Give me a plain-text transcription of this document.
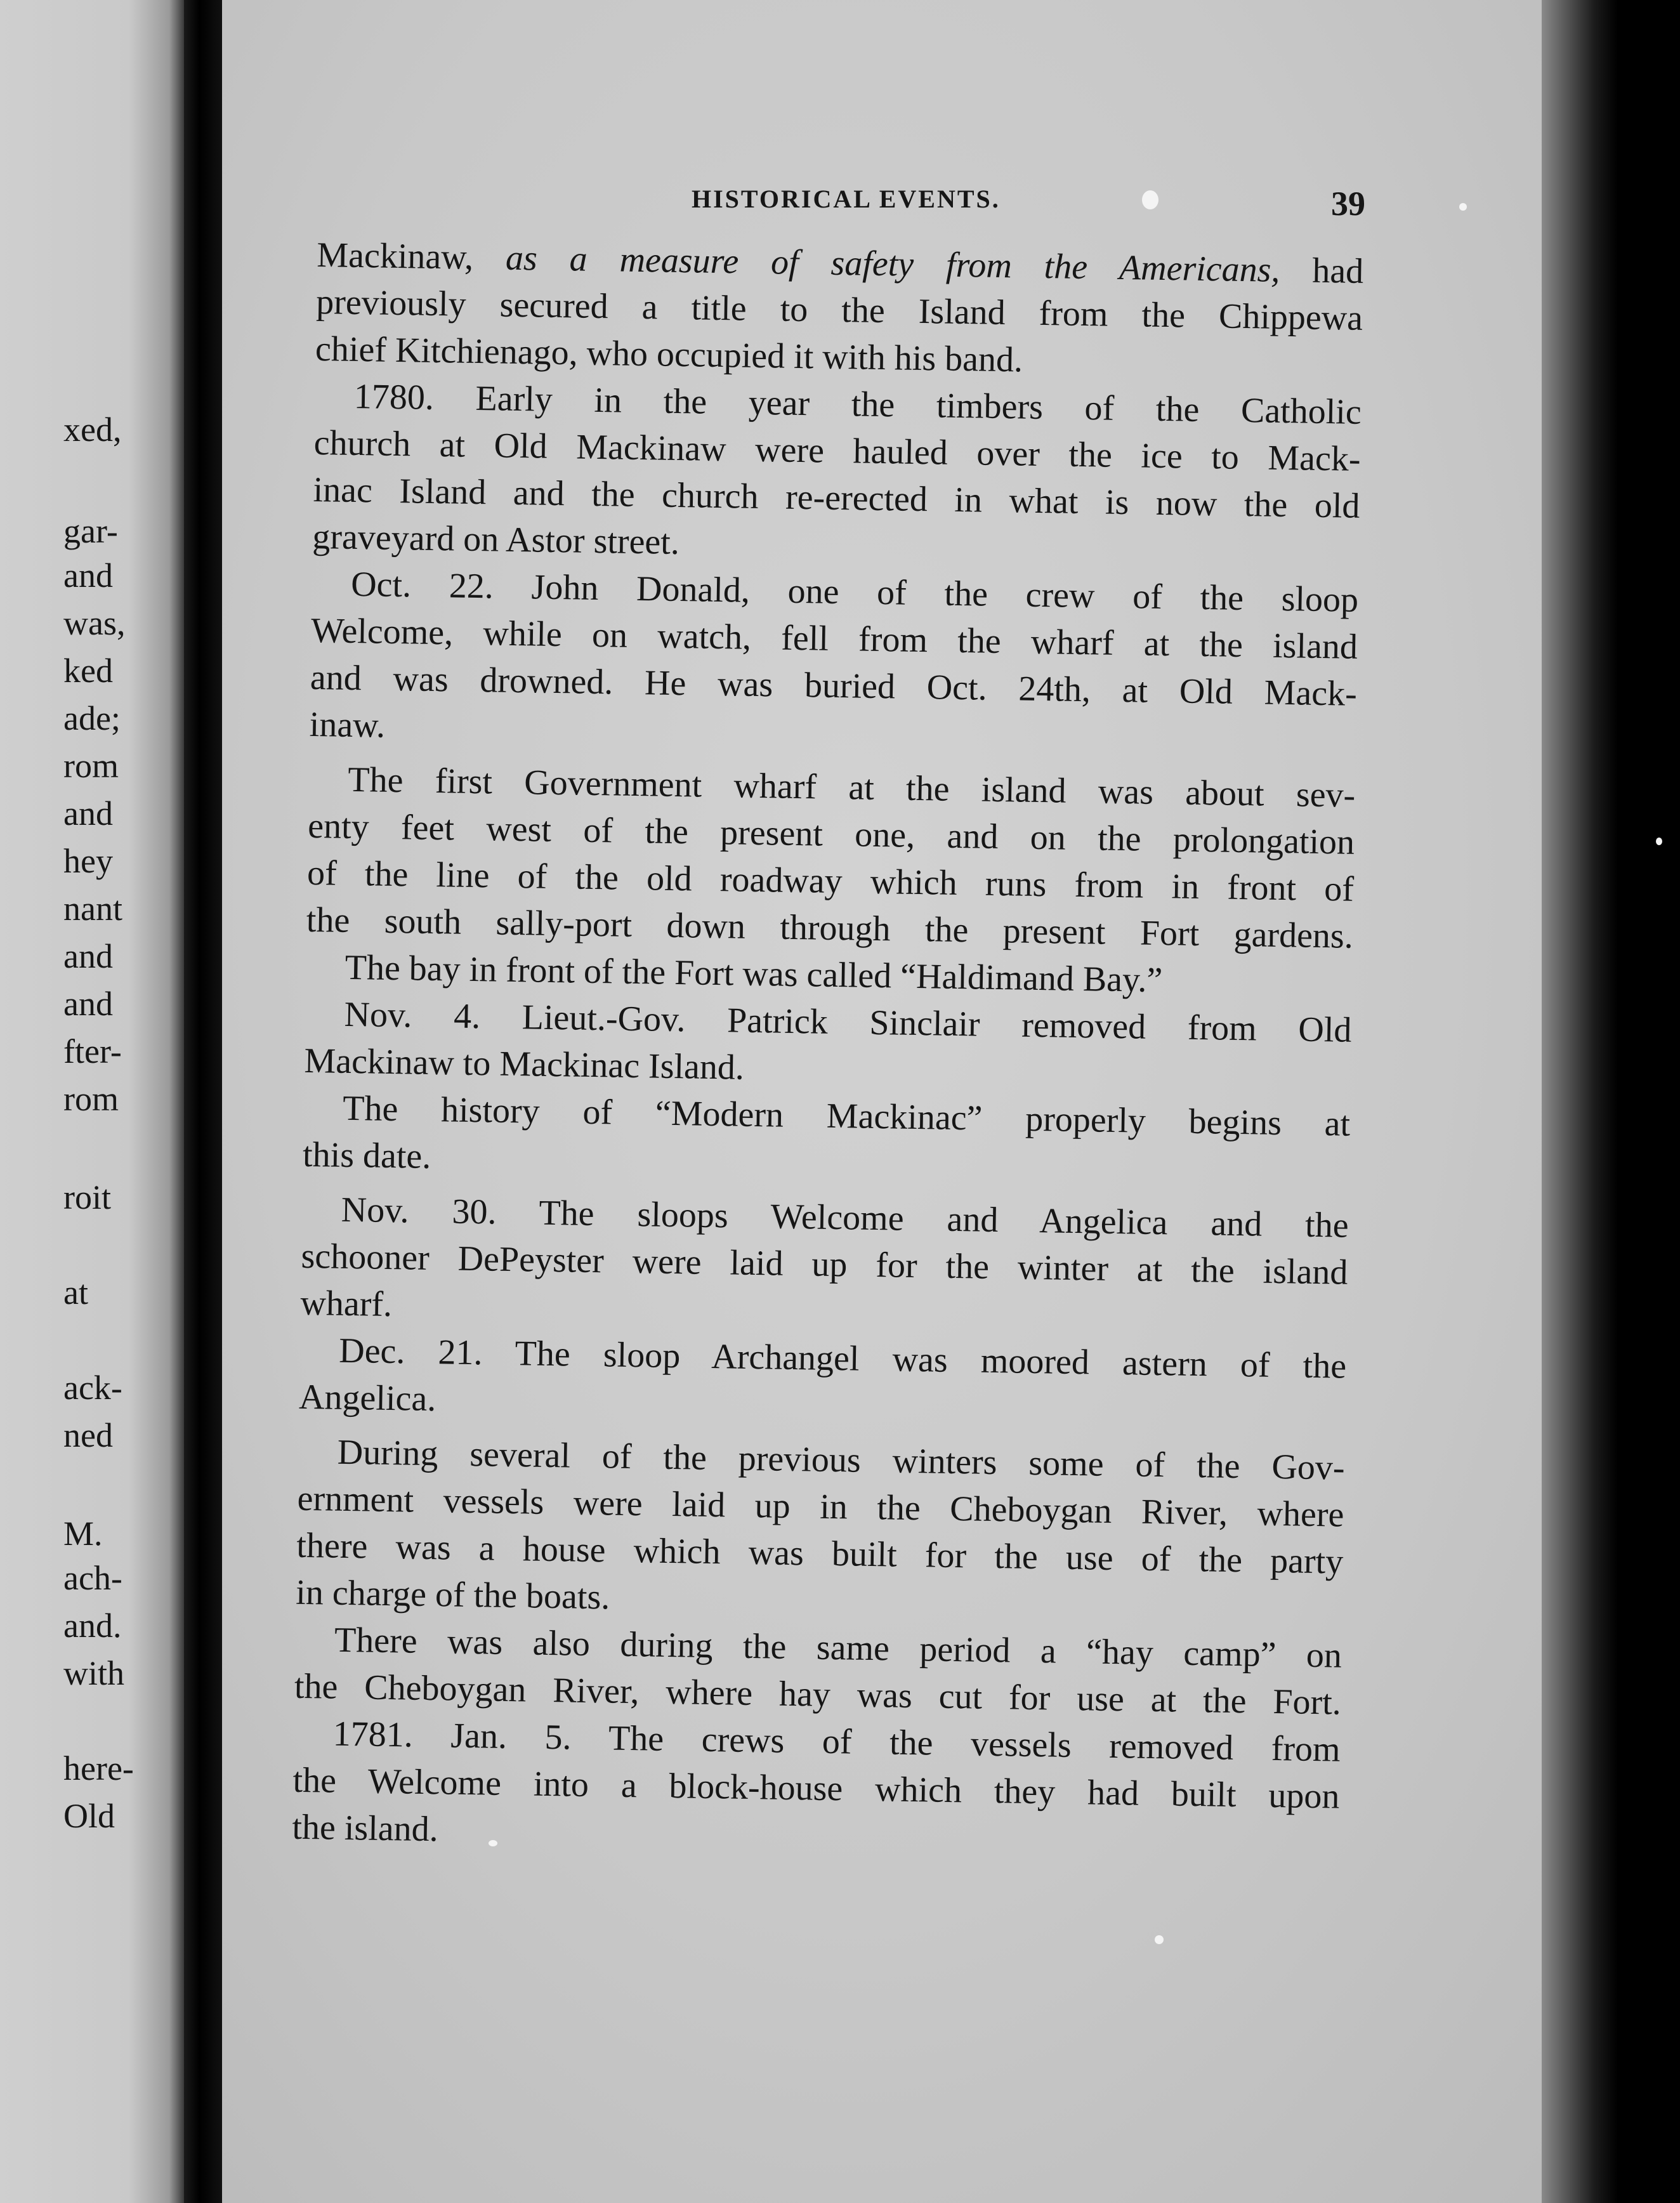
xed,
gar-
and
was,
ked
ade;
rom
and
hey
nant
and
and
fter-
rom
roit
at
ack-
ned
M.
ach-
and.
with
here-
Old
HISTORICAL EVENTS.	39
Mackinaw, as a measure of safety from the Americans, had
previously secured a title to the Island from the Chippewa
chief Kitchienago, who occupied it with his band.
1780. Early in the year the timbers of the Catholic
church at Old Mackinaw were hauled over the ice to Mack-
inac Island and the church re-erected in what is now the old
graveyard on Astor street.
Oct. 22. John Donald, one of the crew of the sloop
Welcome, while on watch, fell from the wharf at the island
and was drowned. He was buried Oct. 24th, at Old Mack-
inaw.
The first Government wharf at the island was about sev-
enty feet west of the present one, and on the prolongation
of the line of the old roadway which runs from in front of
the south sally-port down through the present Fort gardens.
The bay in front of the Fort was called “Haldimand Bay.”
Nov. 4. Lieut.-Gov. Patrick Sinclair removed from Old
Mackinaw to Mackinac Island.
The history of “Modern Mackinac” properly begins at
this date.
Nov. 30. The sloops Welcome and Angelica and the
schooner DePeyster were laid up for the winter at the island
wharf.
Dec. 21. The sloop Archangel was moored astern of the
Angelica.
During several of the previous winters some of the Gov-
ernment vessels were laid up in the Cheboygan River, where
there was a house which was built for the use of the party
in charge of the boats.
There was also during the same period a “hay camp” on
the Cheboygan River, where hay was cut for use at the Fort.
1781. Jan. 5. The crews of the vessels removed from
the Welcome into a block-house which they had built upon
the island.
